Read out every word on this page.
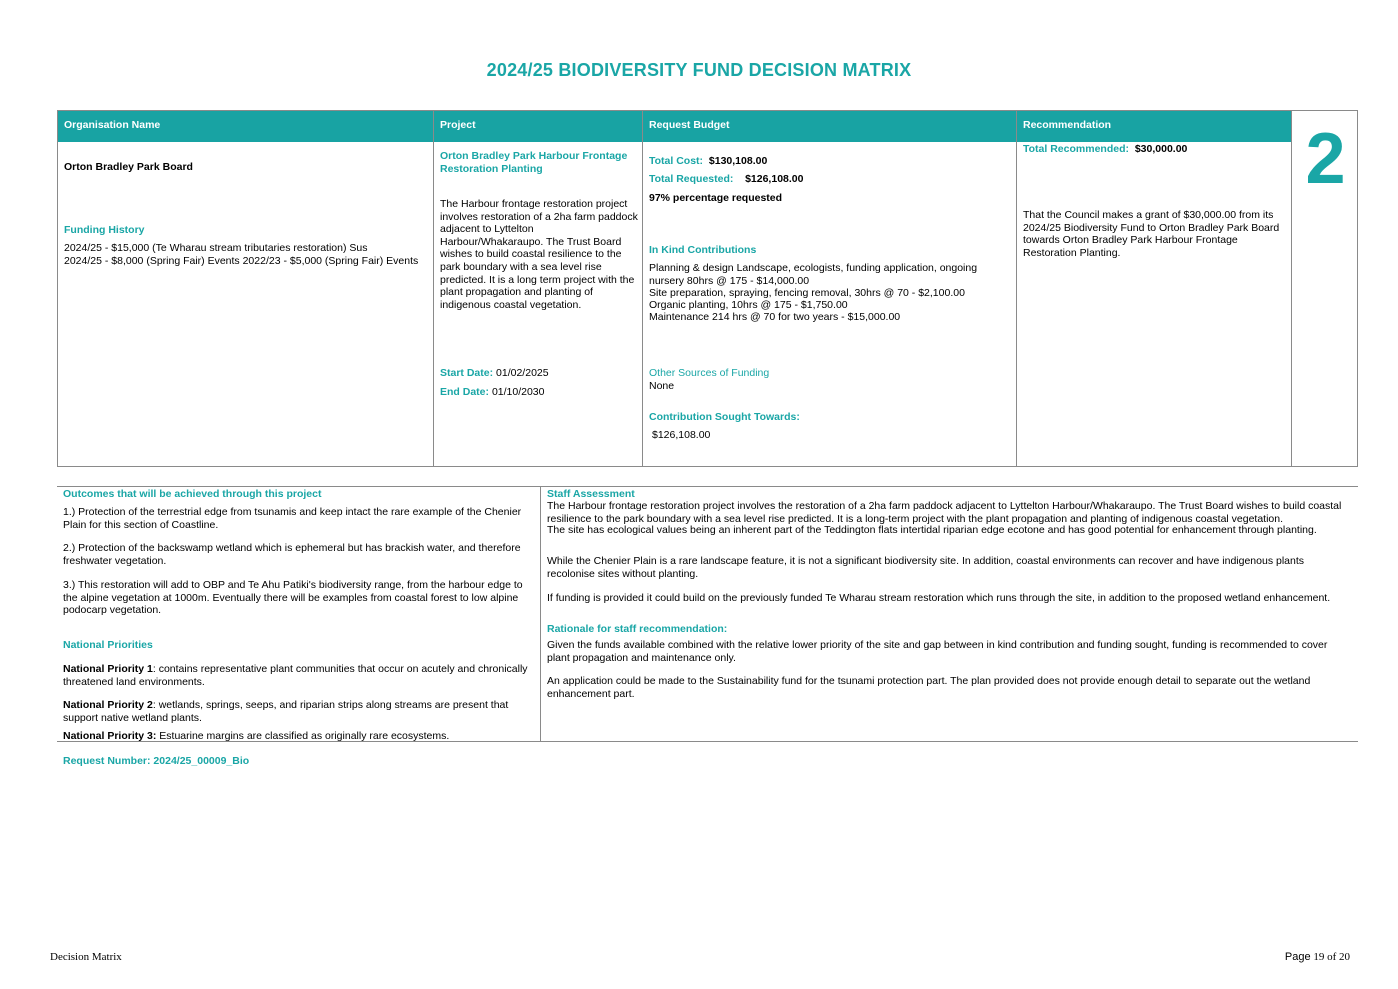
2024/25 BIODIVERSITY FUND DECISION MATRIX
Organisation Name
Orton Bradley Park Board
Funding History
2024/25 - $15,000 (Te Wharau stream tributaries restoration) Sus
2024/25 - $8,000 (Spring Fair) Events 2022/23 - $5,000 (Spring Fair) Events
Project
Orton Bradley Park Harbour Frontage Restoration Planting
The Harbour frontage restoration project involves restoration of a 2ha farm paddock adjacent to Lyttelton Harbour/Whakaraupo. The Trust Board wishes to build coastal resilience to the park boundary with a sea level rise predicted. It is a long term project with the plant propagation and planting of indigenous coastal vegetation.
Start Date: 01/02/2025
End Date: 01/10/2030
Request Budget
Total Cost: $130,108.00
Total Requested: $126,108.00
97% percentage requested
In Kind Contributions
Planning & design Landscape, ecologists, funding application, ongoing nursery 80hrs @ 175 - $14,000.00
Site preparation, spraying, fencing removal, 30hrs @ 70 - $2,100.00
Organic planting, 10hrs @ 175 - $1,750.00
Maintenance 214 hrs @ 70 for two years - $15,000.00
Other Sources of Funding
None
Contribution Sought Towards:
$126,108.00
Recommendation
Total Recommended: $30,000.00
That the Council makes a grant of $30,000.00 from its 2024/25 Biodiversity Fund to Orton Bradley Park Board towards Orton Bradley Park Harbour Frontage Restoration Planting.
2
Outcomes that will be achieved through this project
1.) Protection of the terrestrial edge from tsunamis and keep intact the rare example of the Chenier Plain for this section of Coastline.
2.) Protection of the backswamp wetland which is ephemeral but has brackish water, and therefore freshwater vegetation.
3.) This restoration will add to OBP and Te Ahu Patiki's biodiversity range, from the harbour edge to the alpine vegetation at 1000m. Eventually there will be examples from coastal forest to low alpine podocarp vegetation.
National Priorities
National Priority 1: contains representative plant communities that occur on acutely and chronically threatened land environments.
National Priority 2: wetlands, springs, seeps, and riparian strips along streams are present that support native wetland plants.
National Priority 3: Estuarine margins are classified as originally rare ecosystems.
Staff Assessment
The Harbour frontage restoration project involves the restoration of a 2ha farm paddock adjacent to Lyttelton Harbour/Whakaraupo. The Trust Board wishes to build coastal resilience to the park boundary with a sea level rise predicted. It is a long-term project with the plant propagation and planting of indigenous coastal vegetation.
The site has ecological values being an inherent part of the Teddington flats intertidal riparian edge ecotone and has good potential for enhancement through planting.
While the Chenier Plain is a rare landscape feature, it is not a significant biodiversity site. In addition, coastal environments can recover and have indigenous plants recolonise sites without planting.
If funding is provided it could build on the previously funded Te Wharau stream restoration which runs through the site, in addition to the proposed wetland enhancement.
Rationale for staff recommendation:
Given the funds available combined with the relative lower priority of the site and gap between in kind contribution and funding sought, funding is recommended to cover plant propagation and maintenance only.
An application could be made to the Sustainability fund for the tsunami protection part. The plan provided does not provide enough detail to separate out the wetland enhancement part.
Request Number: 2024/25_00009_Bio
Decision Matrix	Page 19 of 20
